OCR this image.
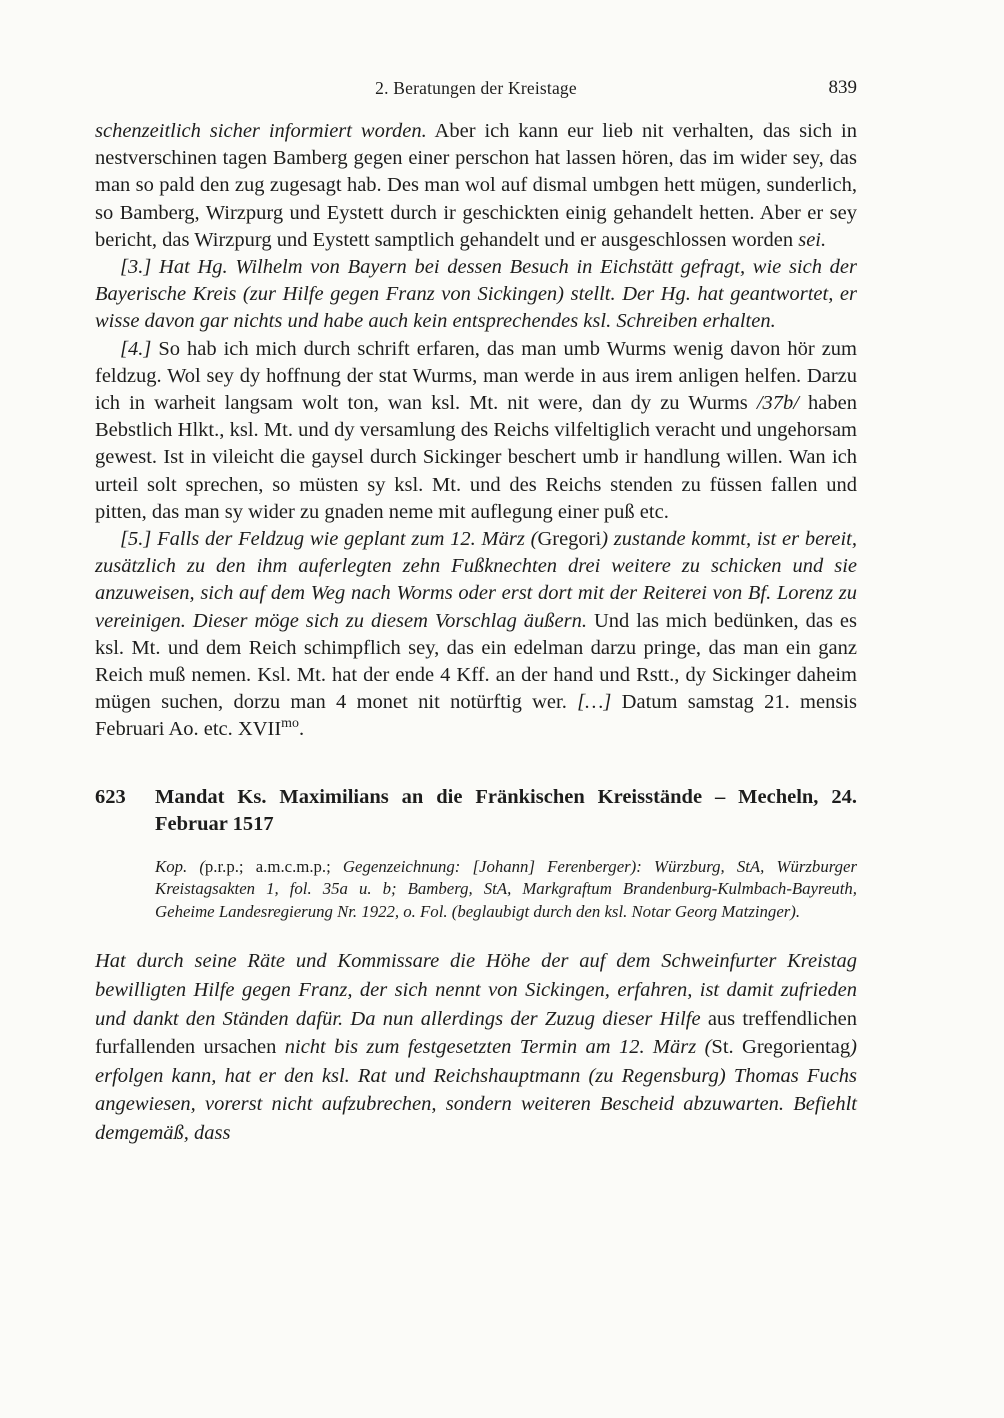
2. Beratungen der Kreistage	839

schenzeitlich sicher informiert worden. Aber ich kann eur lieb nit verhalten, das sich in nestverschinen tagen Bamberg gegen einer perschon hat lassen hören, das im wider sey, das man so pald den zug zugesagt hab. Des man wol auf dismal umbgen hett mügen, sunderlich, so Bamberg, Wirzpurg und Eystett durch ir geschickten einig gehandelt hetten. Aber er sey bericht, das Wirzpurg und Eystett samptlich gehandelt und er ausgeschlossen worden sei.

[3.] Hat Hg. Wilhelm von Bayern bei dessen Besuch in Eichstätt gefragt, wie sich der Bayerische Kreis (zur Hilfe gegen Franz von Sickingen) stellt. Der Hg. hat geantwortet, er wisse davon gar nichts und habe auch kein entsprechendes ksl. Schreiben erhalten.

[4.] So hab ich mich durch schrift erfaren, das man umb Wurms wenig davon hör zum feldzug. Wol sey dy hoffnung der stat Wurms, man werde in aus irem anligen helfen. Darzu ich in warheit langsam wolt ton, wan ksl. Mt. nit were, dan dy zu Wurms /37b/ haben Bebstlich Hlkt., ksl. Mt. und dy versamlung des Reichs vilfeltiglich veracht und ungehorsam gewest. Ist in vileicht die gaysel durch Sickinger beschert umb ir handlung willen. Wan ich urteil solt sprechen, so müsten sy ksl. Mt. und des Reichs stenden zu füssen fallen und pitten, das man sy wider zu gnaden neme mit auflegung einer puß etc.

[5.] Falls der Feldzug wie geplant zum 12. März (Gregori) zustande kommt, ist er bereit, zusätzlich zu den ihm auferlegten zehn Fußknechten drei weitere zu schicken und sie anzuweisen, sich auf dem Weg nach Worms oder erst dort mit der Reiterei von Bf. Lorenz zu vereinigen. Dieser möge sich zu diesem Vorschlag äußern. Und las mich bedünken, das es ksl. Mt. und dem Reich schimpflich sey, das ein edelman darzu pringe, das man ein ganz Reich muß nemen. Ksl. Mt. hat der ende 4 Kff. an der hand und Rstt., dy Sickinger daheim mügen suchen, dorzu man 4 monet nit notürftig wer. […] Datum samstag 21. mensis Februari Ao. etc. $XVII^{mo}$.

623	Mandat Ks. Maximilians an die Fränkischen Kreisstände – Mecheln, 24. Februar 1517

Kop. (p.r.p.; a.m.c.m.p.; Gegenzeichnung: [Johann] Ferenberger): Würzburg, StA, Würzburger Kreistagsakten 1, fol. 35a u. b; Bamberg, StA, Markgraftum Brandenburg-Kulmbach-Bayreuth, Geheime Landesregierung Nr. 1922, o. Fol. (beglaubigt durch den ksl. Notar Georg Matzinger).

Hat durch seine Räte und Kommissare die Höhe der auf dem Schweinfurter Kreistag bewilligten Hilfe gegen Franz, der sich nennt von Sickingen, erfahren, ist damit zufrieden und dankt den Ständen dafür. Da nun allerdings der Zuzug dieser Hilfe aus treffendlichen furfallenden ursachen nicht bis zum festgesetzten Termin am 12. März (St. Gregorientag) erfolgen kann, hat er den ksl. Rat und Reichshauptmann (zu Regensburg) Thomas Fuchs angewiesen, vorerst nicht aufzubrechen, sondern weiteren Bescheid abzuwarten. Befiehlt demgemäß, dass
